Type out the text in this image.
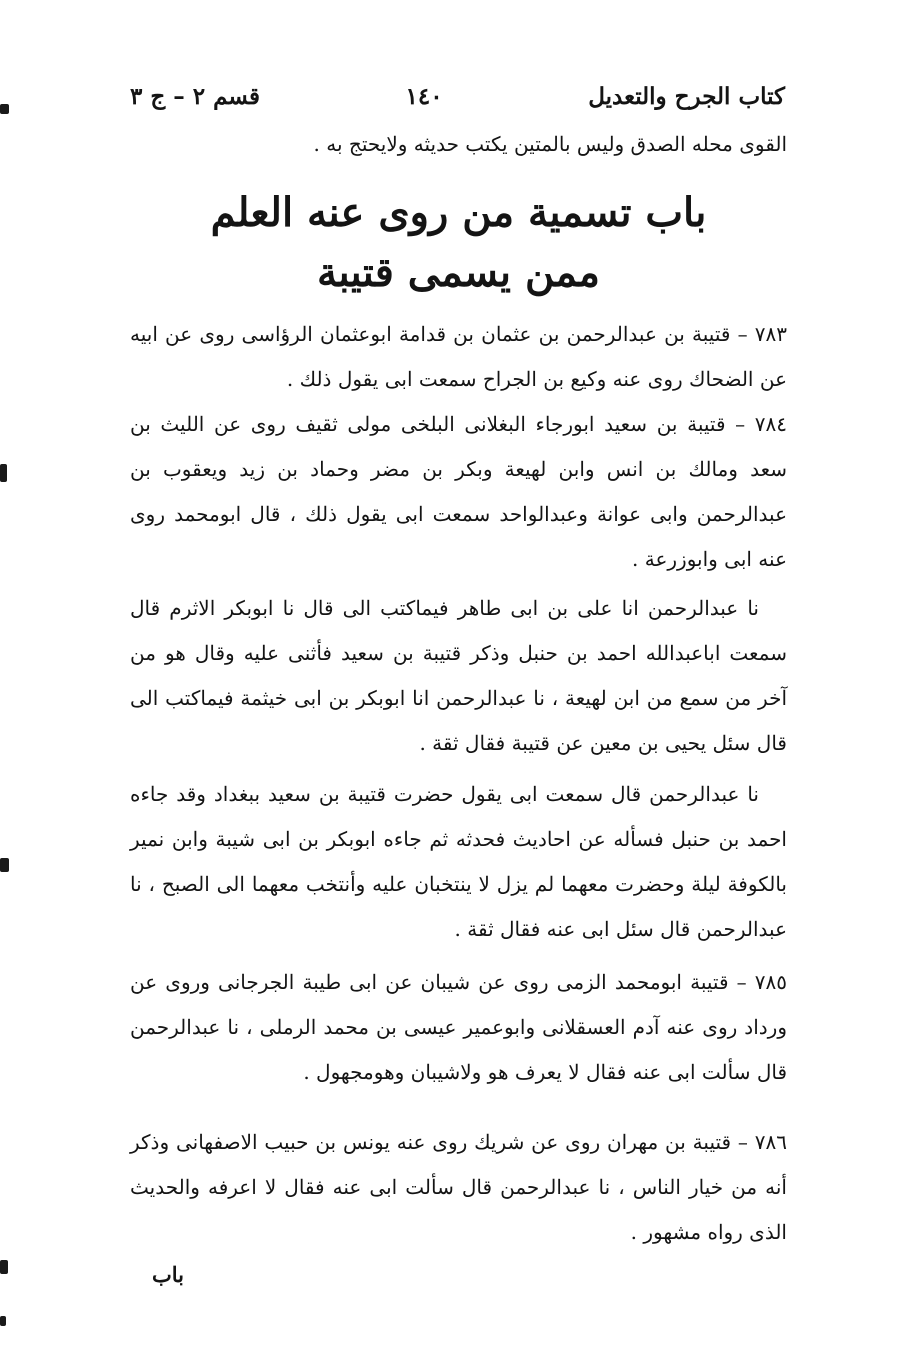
كتاب الجرح والتعديل
١٤٠
قسم ٢ – ج ٣
القوى محله الصدق وليس بالمتين يكتب حديثه ولايحتج به .
باب تسمية من روى عنه العلم
ممن يسمى قتيبة
٧٨٣ – قتيبة بن عبدالرحمن بن عثمان بن قدامة ابوعثمان الرؤاسى روى عن ابيه عن الضحاك روى عنه وكيع بن الجراح سمعت ابى يقول ذلك .
٧٨٤ – قتيبة بن سعيد ابورجاء البغلانى البلخى مولى ثقيف روى عن الليث بن سعد ومالك بن انس وابن لهيعة وبكر بن مضر وحماد بن زيد ويعقوب بن عبدالرحمن وابى عوانة وعبدالواحد سمعت ابى يقول ذلك ، قال ابومحمد روى عنه ابى وابوزرعة .
نا عبدالرحمن انا على بن ابى طاهر فيماكتب الى قال نا ابوبكر الاثرم قال سمعت اباعبدالله احمد بن حنبل وذكر قتيبة بن سعيد فأثنى عليه وقال هو من آخر من سمع من ابن لهيعة ، نا عبدالرحمن انا ابوبكر بن ابى خيثمة فيماكتب الى قال سئل يحيى بن معين عن قتيبة فقال ثقة .
نا عبدالرحمن قال سمعت ابى يقول حضرت قتيبة بن سعيد ببغداد وقد جاءه احمد بن حنبل فسأله عن احاديث فحدثه ثم جاءه ابوبكر بن ابى شيبة وابن نمير بالكوفة ليلة وحضرت معهما لم يزل لا ينتخبان عليه وأنتخب معهما الى الصبح ، نا عبدالرحمن قال سئل ابى عنه فقال ثقة .
٧٨٥ – قتيبة ابومحمد الزمى روى عن شيبان عن ابى طيبة الجرجانى وروى عن ورداد روى عنه آدم العسقلانى وابوعمير عيسى بن محمد الرملى ، نا عبدالرحمن قال سألت ابى عنه فقال لا يعرف هو ولاشيبان وهومجهول .
٧٨٦ – قتيبة بن مهران روى عن شريك روى عنه يونس بن حبيب الاصفهانى وذكر أنه من خيار الناس ، نا عبدالرحمن قال سألت ابى عنه فقال لا اعرفه والحديث الذى رواه مشهور .
باب
